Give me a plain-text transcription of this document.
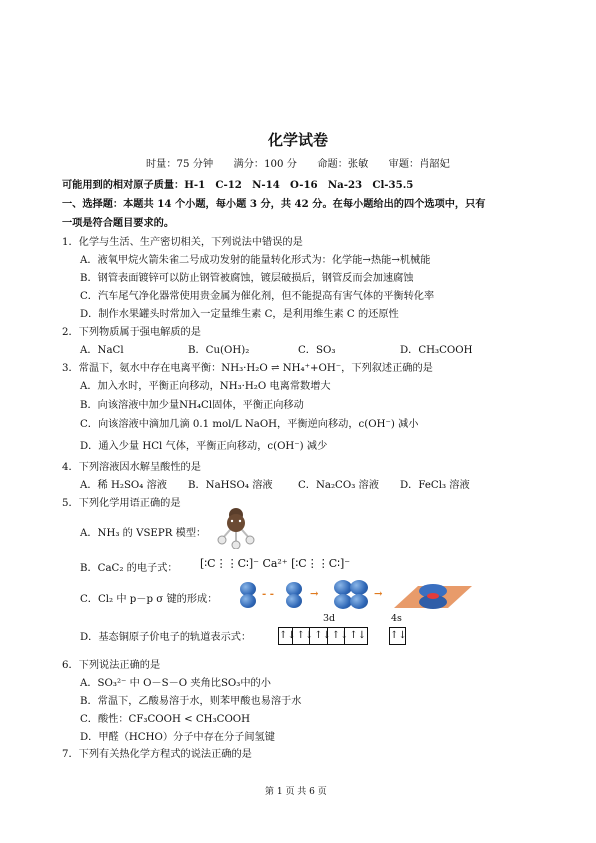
化学试卷
时量：75 分钟　　满分：100 分　　命题：张敏　　审题：肖韶妃
可能用到的相对原子质量：H-1　C-12　N-14　O-16　Na-23　Cl-35.5
一、选择题：本题共 14 个小题，每小题 3 分，共 42 分。在每小题给出的四个选项中，只有
一项是符合题目要求的。
1．化学与生活、生产密切相关，下列说法中错误的是
A．液氧甲烷火箭朱雀二号成功发射的能量转化形式为：化学能→热能→机械能
B．钢管表面镀锌可以防止钢管被腐蚀，镀层破损后，钢管反而会加速腐蚀
C．汽车尾气净化器常使用贵金属为催化剂，但不能提高有害气体的平衡转化率
D．制作水果罐头时常加入一定量维生素 C，是利用维生素 C 的还原性
2．下列物质属于强电解质的是
A．NaCl	B．Cu(OH)₂	C．SO₃	D．CH₃COOH
3．常温下，氨水中存在电离平衡：NH₃·H₂O ⇌ NH₄⁺+OH⁻，下列叙述正确的是
A．加入水时，平衡正向移动，NH₃·H₂O 电离常数增大
B．向该溶液中加少量NH₄Cl固体，平衡正向移动
C．向该溶液中滴加几滴 0.1 mol/L NaOH，平衡逆向移动，c(OH⁻) 减小
D．通入少量 HCl 气体，平衡正向移动，c(OH⁻) 减少
4．下列溶液因水解呈酸性的是
A．稀 H₂SO₄ 溶液 B．NaHSO₄ 溶液 C．Na₂CO₃ 溶液 D．FeCl₃ 溶液
5．下列化学用语正确的是
A．NH₃ 的 VSEPR 模型：
B．CaC₂ 的电子式： [∶C⋮⋮C∶]⁻ Ca²⁺ [∶C⋮⋮C∶]⁻
C．Cl₂ 中 p－p σ 键的形成：	- -	→	→
D．基态铜原子价电子的轨道表示式：
3d	4s
↑↓ ↑↓ ↑↓ ↑↓ ↑↓ ↑↓
6．下列说法正确的是
A．SO₃²⁻ 中 O－S－O 夹角比SO₃中的小
B．常温下，乙酸易溶于水，则苯甲酸也易溶于水
C．酸性：CF₃COOH < CH₃COOH
D．甲醛（HCHO）分子中存在分子间氢键
7．下列有关热化学方程式的说法正确的是
第 1 页 共 6 页
